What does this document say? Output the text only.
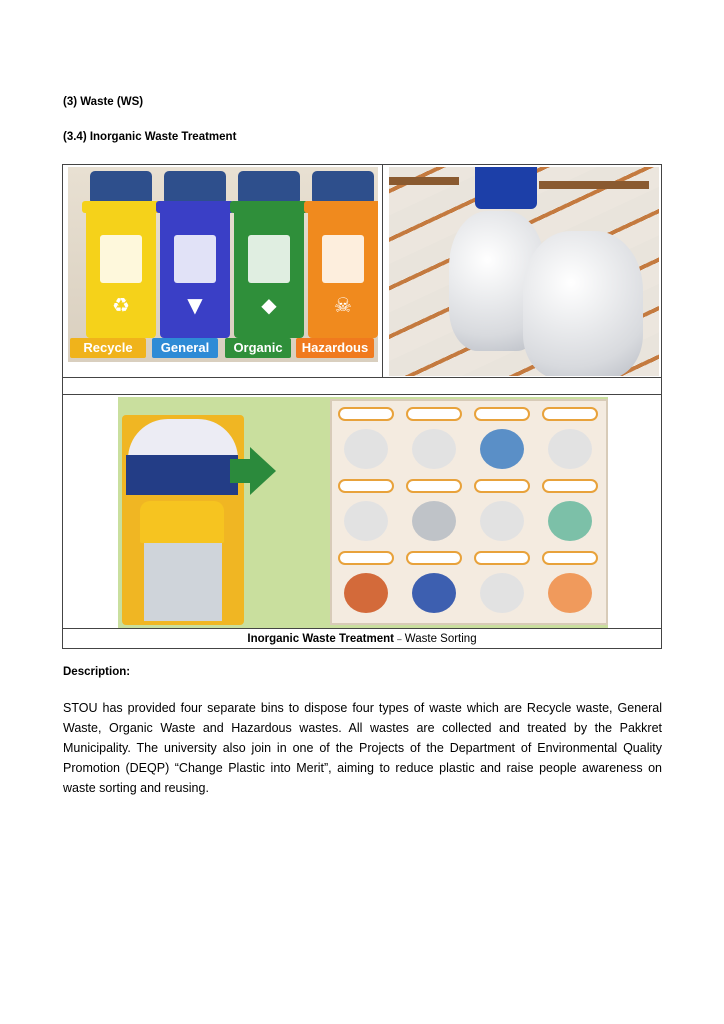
(3) Waste (WS)
(3.4) Inorganic Waste Treatment
♻	▼	◆	☠
Recycle	General	Organic	Hazardous
Inorganic Waste Treatment – Waste Sorting
Description:
STOU has provided four separate bins to dispose four types of waste which are Recycle waste, General Waste, Organic Waste and Hazardous wastes. All wastes are collected and treated by the Pakkret Municipality. The university also join in one of the Projects of the Department of Environmental Quality Promotion (DEQP) “Change Plastic into Merit”, aiming to reduce plastic and raise people awareness on waste sorting and reusing.
